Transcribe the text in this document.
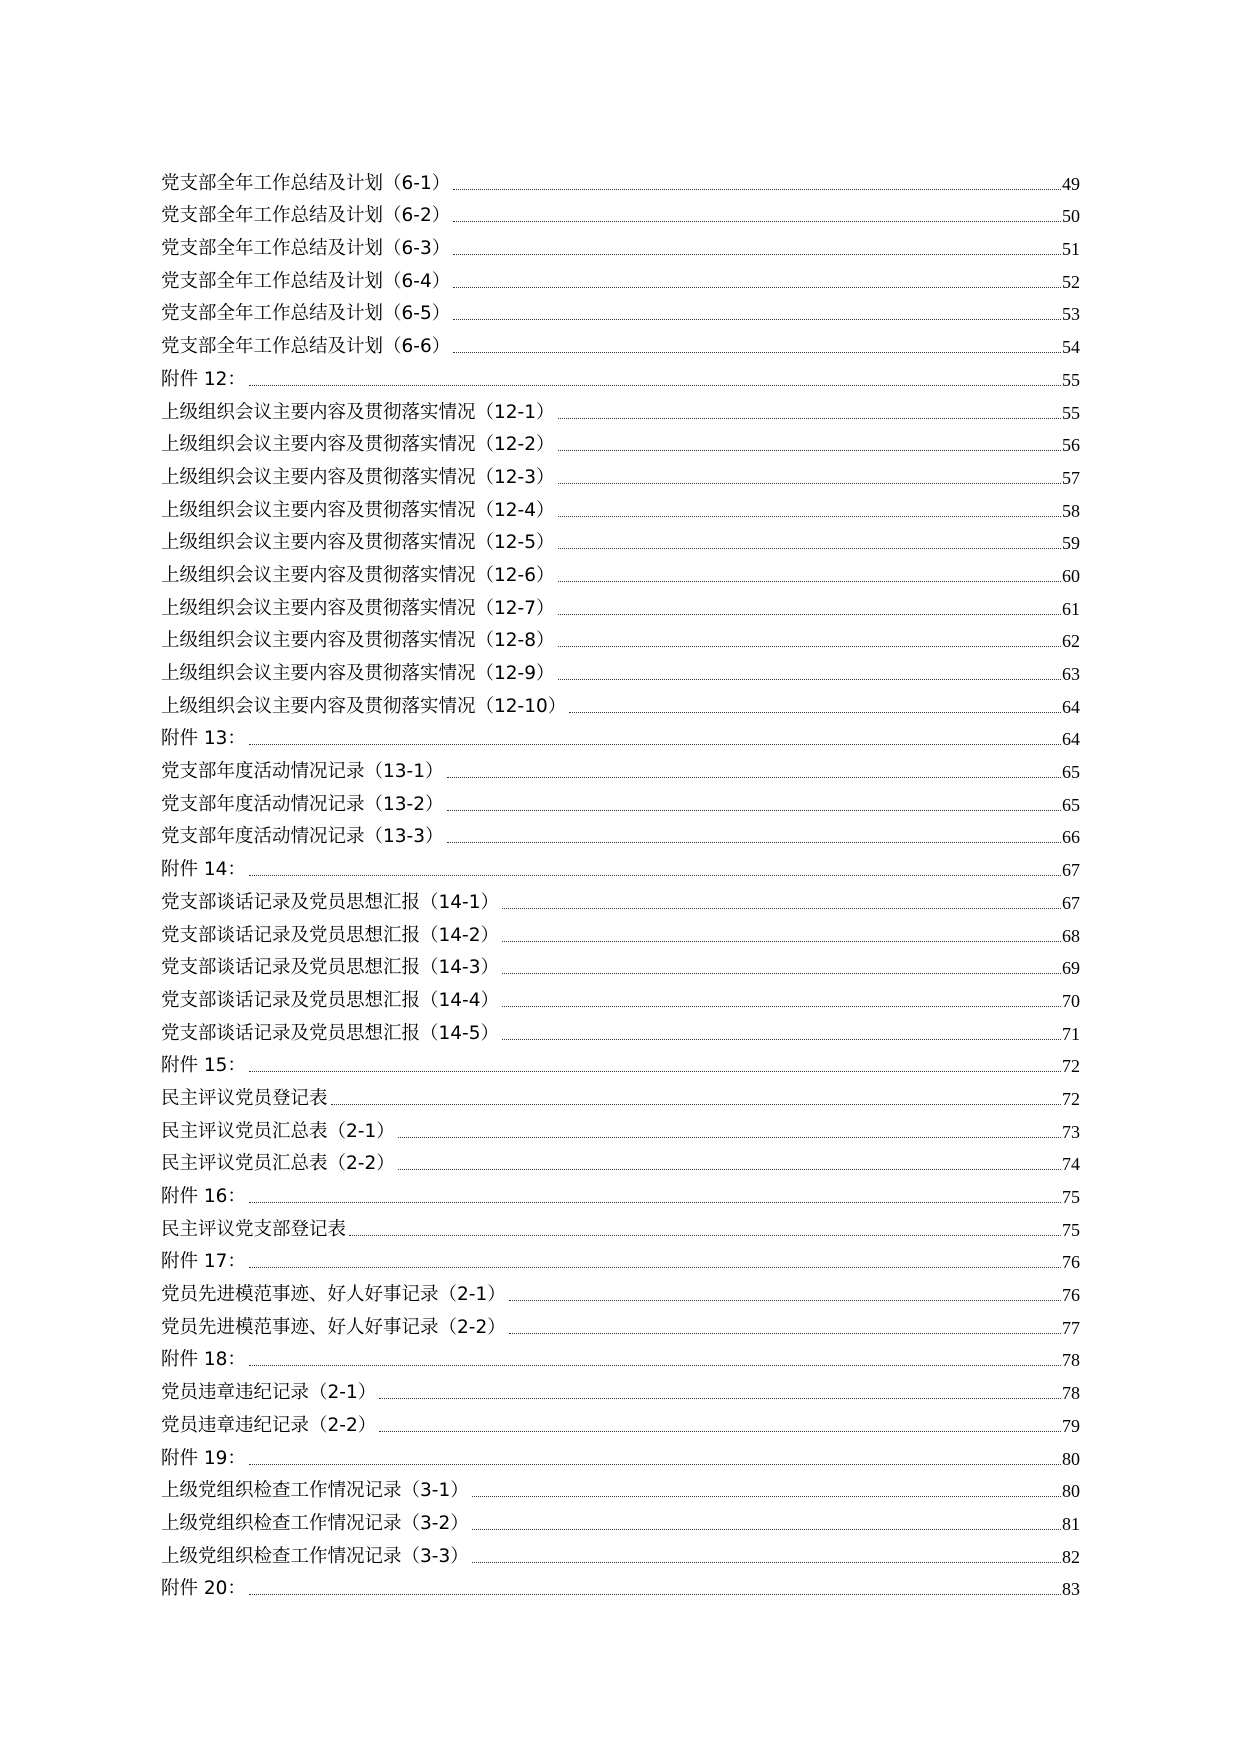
党支部全年工作总结及计划（6-1）	49
党支部全年工作总结及计划（6-2）	50
党支部全年工作总结及计划（6-3）	51
党支部全年工作总结及计划（6-4）	52
党支部全年工作总结及计划（6-5）	53
党支部全年工作总结及计划（6-6）	54
附件 12：	55
上级组织会议主要内容及贯彻落实情况（12-1）	55
上级组织会议主要内容及贯彻落实情况（12-2）	56
上级组织会议主要内容及贯彻落实情况（12-3）	57
上级组织会议主要内容及贯彻落实情况（12-4）	58
上级组织会议主要内容及贯彻落实情况（12-5）	59
上级组织会议主要内容及贯彻落实情况（12-6）	60
上级组织会议主要内容及贯彻落实情况（12-7）	61
上级组织会议主要内容及贯彻落实情况（12-8）	62
上级组织会议主要内容及贯彻落实情况（12-9）	63
上级组织会议主要内容及贯彻落实情况（12-10）	64
附件 13：	64
党支部年度活动情况记录（13-1）	65
党支部年度活动情况记录（13-2）	65
党支部年度活动情况记录（13-3）	66
附件 14：	67
党支部谈话记录及党员思想汇报（14-1）	67
党支部谈话记录及党员思想汇报（14-2）	68
党支部谈话记录及党员思想汇报（14-3）	69
党支部谈话记录及党员思想汇报（14-4）	70
党支部谈话记录及党员思想汇报（14-5）	71
附件 15：	72
民主评议党员登记表	72
民主评议党员汇总表（2-1）	73
民主评议党员汇总表（2-2）	74
附件 16：	75
民主评议党支部登记表	75
附件 17：	76
党员先进模范事迹、好人好事记录（2-1）	76
党员先进模范事迹、好人好事记录（2-2）	77
附件 18：	78
党员违章违纪记录（2-1）	78
党员违章违纪记录（2-2）	79
附件 19：	80
上级党组织检查工作情况记录（3-1）	80
上级党组织检查工作情况记录（3-2）	81
上级党组织检查工作情况记录（3-3）	82
附件 20：	83
